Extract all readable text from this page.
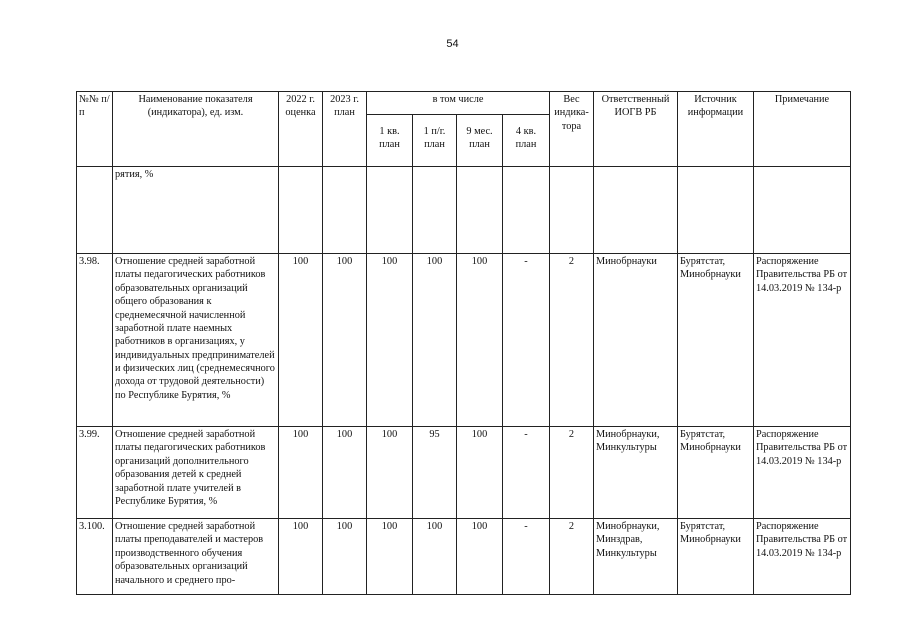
54
№№ п/п	Наименование показателя (индикатора), ед. изм.	2022 г. оценка	2023 г. план	в том числе				Вес индика-тора	Ответственный ИОГВ РБ	Источник информации	Примечание
				1 кв. план	1 п/г. план	9 мес. план	4 кв. план				
	рятия, %										
3.98.	Отношение средней заработной платы педагогических работников образовательных организаций общего образования к среднемесячной начисленной заработной плате наемных работников в организациях, у индивидуальных предпринимателей и физических лиц (среднемесячного дохода от трудовой деятельности) по Республике Бурятия, %	100	100	100	100	100	-	2	Минобрнауки	Бурятстат, Минобрнауки	Распоряжение Правительства РБ от 14.03.2019 № 134-р
3.99.	Отношение средней заработной платы педагогических работников организаций дополнительного образования детей к средней заработной плате учителей в Республике Бурятия, %	100	100	100	95	100	-	2	Минобрнауки, Минкультуры	Бурятстат, Минобрнауки	Распоряжение Правительства РБ от 14.03.2019 № 134-р
3.100.	Отношение средней заработной платы преподавателей и мастеров производственного обучения образовательных организаций начального и среднего про-	100	100	100	100	100	-	2	Минобрнауки, Минздрав, Минкультуры	Бурятстат, Минобрнауки	Распоряжение Правительства РБ от 14.03.2019 № 134-р
